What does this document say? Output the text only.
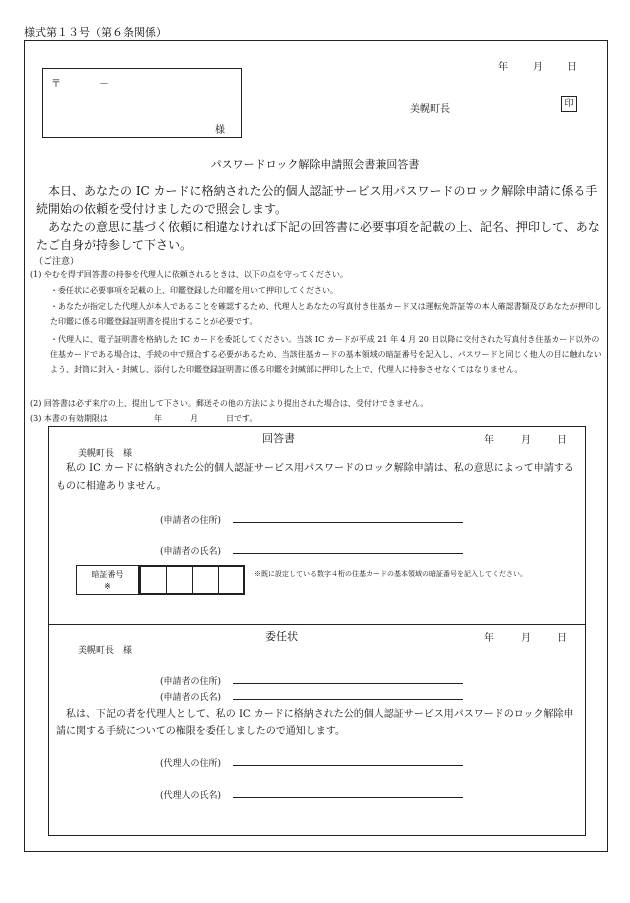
様式第１３号（第６条関係）
年	月 日
〒	－
様
美幌町長	印
パスワードロック解除申請照会書兼回答書
本日、あなたの IC カードに格納された公的個人認証サービス用パスワードのロック解除申請に係る手続開始の依頼を受付けましたので照会します。
あなたの意思に基づく依頼に相違なければ下記の回答書に必要事項を記載の上、記名、押印して、あなたご自身が持参して下さい。
（ご注意）
(1) やむを得ず回答書の持参を代理人に依頼されるときは、以下の点を守ってください。
・委任状に必要事項を記載の上、印鑑登録した印鑑を用いて押印してください。
・あなたが指定した代理人が本人であることを確認するため、代理人とあなたの写真付き住基カード又は運転免許証等の本人確認書類及びあなたが押印した印鑑に係る印鑑登録証明書を提出することが必要です。
・代理人に、電子証明書を格納した IC カードを委託してください。当該 IC カードが平成 21 年 4 月 20 日以降に交付された写真付き住基カード以外の住基カードである場合は、手続の中で照合する必要があるため、当該住基カードの基本領域の暗証番号を記入し、パスワードと同じく他人の目に触れないよう、封筒に封入・封緘し、添付した印鑑登録証明書に係る印鑑を封緘部に押印した上で、代理人に持参させなくてはなりません。
(2) 回答書は必ず来庁の上、提出して下さい。郵送その他の方法により提出された場合は、受付けできません。
(3) 本書の有効期限は	年	月	日です。
回答書	年	月	日
美幌町長　様
私の IC カードに格納された公的個人認証サービス用パスワードのロック解除申請は、私の意思によって申請するものに相違ありません。
(申請者の住所)
(申請者の氏名)
暗証番号
※
※既に設定している数字４桁の住基カードの基本領域の暗証番号を記入してください。
委任状	年	月	日
美幌町長　様
(申請者の住所)
(申請者の氏名)
私は、下記の者を代理人として、私の IC カードに格納された公的個人認証サービス用パスワードのロック解除申請に関する手続についての権限を委任しましたので通知します。
(代理人の住所)
(代理人の氏名)
